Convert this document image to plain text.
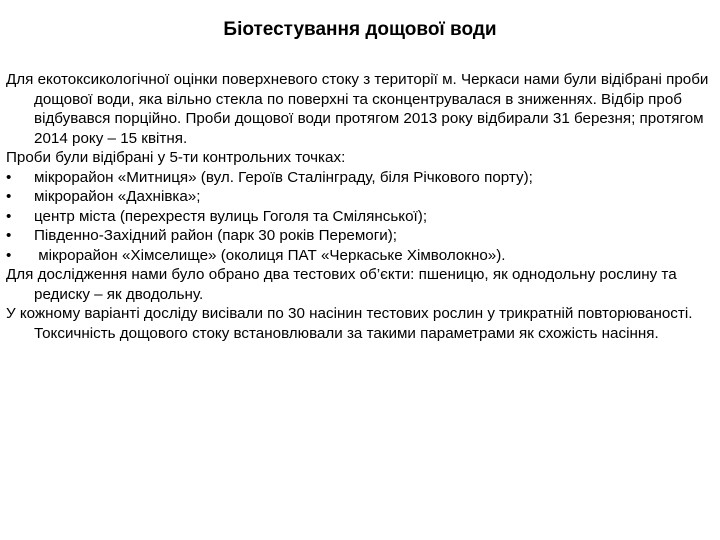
Біотестування дощової води

Для екотоксикологічної оцінки поверхневого стоку з території м. Черкаси нами були відібрані проби дощової води, яка вільно стекла по поверхні та сконцентрувалася в зниженнях. Відбір проб відбувався порційно. Проби дощової води протягом 2013 року відбирали 31 березня; протягом 2014 року – 15 квітня.

Проби були відібрані у 5-ти контрольних точках:

• мікрорайон «Митниця» (вул. Героїв Сталінграду, біля Річкового порту);

• мікрорайон «Дахнівка»;

• центр міста (перехрестя вулиць Гоголя та Смілянської);

• Південно-Західний район (парк 30 років Перемоги);

• мікрорайон «Хімселище» (околиця ПАТ «Черкаське Хімволокно»).

Для дослідження нами було обрано два тестових об’єкти: пшеницю, як однодольну рослину та редиску – як дводольну.

У кожному варіанті досліду висівали по 30 насінин тестових рослин у трикратній повторюваності. Токсичність дощового стоку встановлювали за такими параметрами як схожість насіння.
